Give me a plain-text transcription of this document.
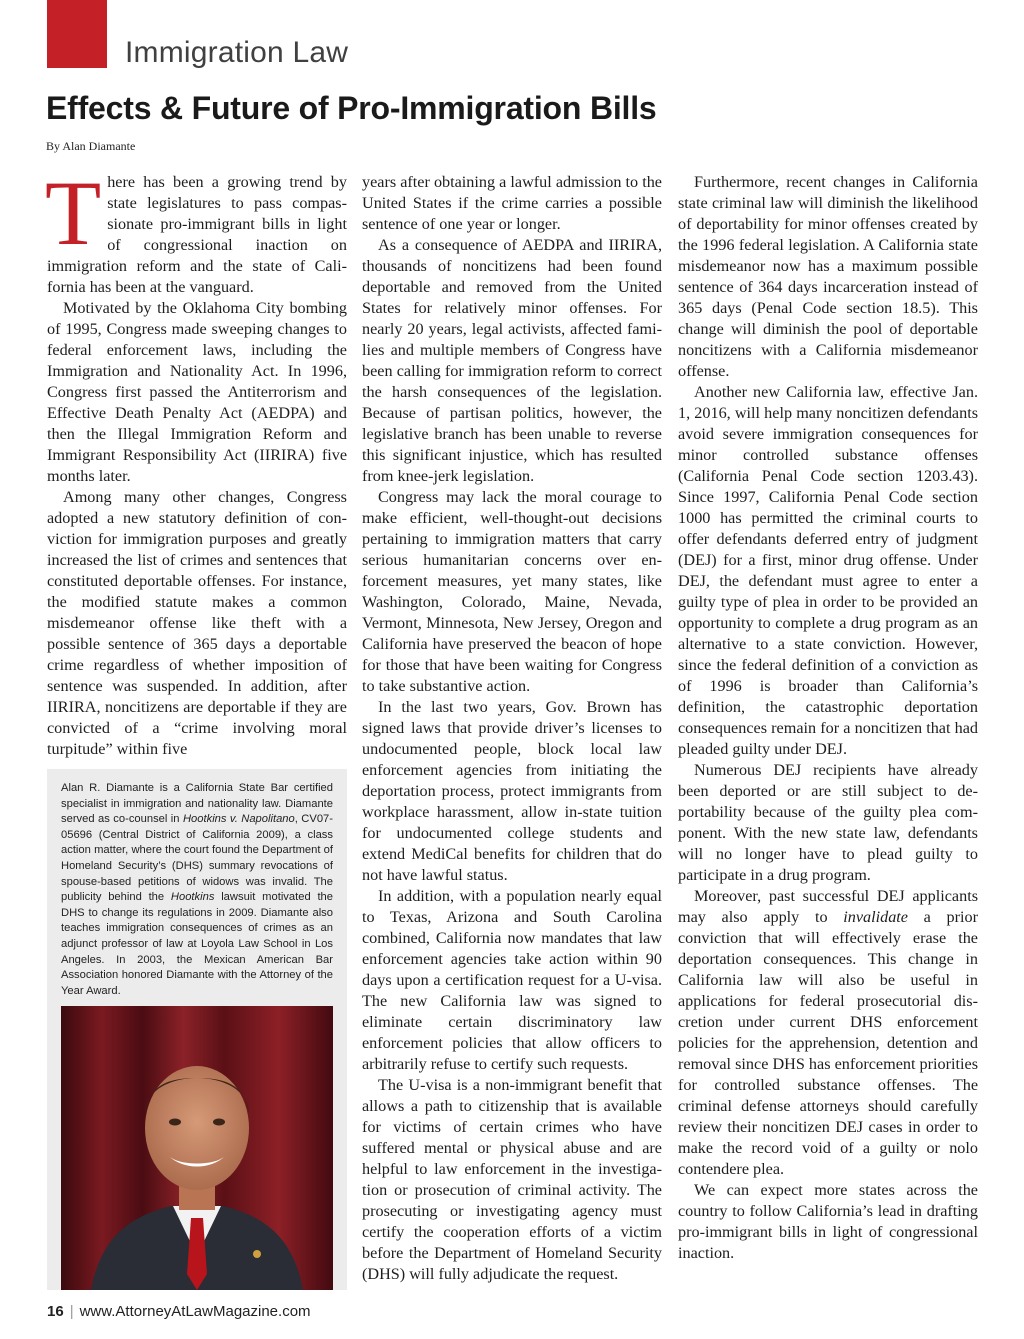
Immigration Law
Effects & Future of Pro-Immigration Bills
By Alan Diamante

There has been a growing trend by state legislatures to pass compassionate pro-immigrant bills in light of congressional inaction on immigration reform and the state of California has been at the vanguard.

Motivated by the Oklahoma City bombing of 1995, Congress made sweeping changes to federal enforcement laws, including the Immigration and Nationality Act. In 1996, Congress first passed the Antiterrorism and Effective Death Penalty Act (AEDPA) and then the Illegal Immigration Reform and Immigrant Responsibility Act (IIRIRA) five months later.

Among many other changes, Congress adopted a new statutory definition of conviction for immigration purposes and greatly increased the list of crimes and sentences that constituted deportable offenses. For instance, the modified statute makes a common misdemeanor offense like theft with a possible sentence of 365 days a deportable crime regardless of whether imposition of sentence was suspended. In addition, after IIRIRA, noncitizens are deportable if they are convicted of a “crime involving moral turpitude” within five

years after obtaining a lawful admission to the United States if the crime carries a possible sentence of one year or longer.

As a consequence of AEDPA and IIRIRA, thousands of noncitizens had been found deportable and removed from the United States for relatively minor offenses. For nearly 20 years, legal activists, affected families and multiple members of Congress have been calling for immigration reform to correct the harsh consequences of the legislation. Because of partisan politics, however, the legislative branch has been unable to reverse this significant injustice, which has resulted from knee-jerk legislation.

Congress may lack the moral courage to make efficient, well-thought-out decisions pertaining to immigration matters that carry serious humanitarian concerns over enforcement measures, yet many states, like Washington, Colorado, Maine, Nevada, Vermont, Minnesota, New Jersey, Oregon and California have preserved the beacon of hope for those that have been waiting for Congress to take substantive action.

In the last two years, Gov. Brown has signed laws that provide driver’s licenses to undocumented people, block local law enforcement agencies from initiating the deportation process, protect immigrants from workplace harassment, allow in-state tuition for undocumented college students and extend MediCal benefits for children that do not have lawful status.

In addition, with a population nearly equal to Texas, Arizona and South Carolina combined, California now mandates that law enforcement agencies take action within 90 days upon a certification request for a U-visa. The new California law was signed to eliminate certain discriminatory law enforcement policies that allow officers to arbitrarily refuse to certify such requests.

The U-visa is a non-immigrant benefit that allows a path to citizenship that is available for victims of certain crimes who have suffered mental or physical abuse and are helpful to law enforcement in the investigation or prosecution of criminal activity. The prosecuting or investigating agency must certify the cooperation efforts of a victim before the Department of Homeland Security (DHS) will fully adjudicate the request.

Furthermore, recent changes in California state criminal law will diminish the likelihood of deportability for minor offenses created by the 1996 federal legislation. A California state misdemeanor now has a maximum possible sentence of 364 days incarceration instead of 365 days (Penal Code section 18.5). This change will diminish the pool of deportable noncitizens with a California misdemeanor offense.

Another new California law, effective Jan. 1, 2016, will help many noncitizen defendants avoid severe immigration consequences for minor controlled substance offenses (California Penal Code section 1203.43). Since 1997, California Penal Code section 1000 has permitted the criminal courts to offer defendants deferred entry of judgment (DEJ) for a first, minor drug offense. Under DEJ, the defendant must agree to enter a guilty type of plea in order to be provided an opportunity to complete a drug program as an alternative to a state conviction. However, since the federal definition of a conviction as of 1996 is broader than California’s definition, the catastrophic deportation consequences remain for a noncitizen that had pleaded guilty under DEJ.

Numerous DEJ recipients have already been deported or are still subject to deportability because of the guilty plea component. With the new state law, defendants will no longer have to plead guilty to participate in a drug program.

Moreover, past successful DEJ applicants may also apply to invalidate a prior conviction that will effectively erase the deportation consequences. This change in California law will also be useful in applications for federal prosecutorial discretion under current DHS enforcement policies for the apprehension, detention and removal since DHS has enforcement priorities for controlled substance offenses. The criminal defense attorneys should carefully review their noncitizen DEJ cases in order to make the record void of a guilty or nolo contendere plea.

We can expect more states across the country to follow California’s lead in drafting pro-immigrant bills in light of congressional inaction.

Alan R. Diamante is a California State Bar certified specialist in immigration and nationality law. Diamante served as co-counsel in Hootkins v. Napolitano, CV07-05696 (Central District of California 2009), a class action matter, where the court found the Department of Homeland Security’s (DHS) summary revocations of spouse-based petitions of widows was invalid. The publicity behind the Hootkins lawsuit motivated the DHS to change its regulations in 2009. Diamante also teaches immigration consequences of crimes as an adjunct professor of law at Loyola Law School in Los Angeles. In 2003, the Mexican American Bar Association honored Diamante with the Attorney of the Year Award.

16 | www.AttorneyAtLawMagazine.com
